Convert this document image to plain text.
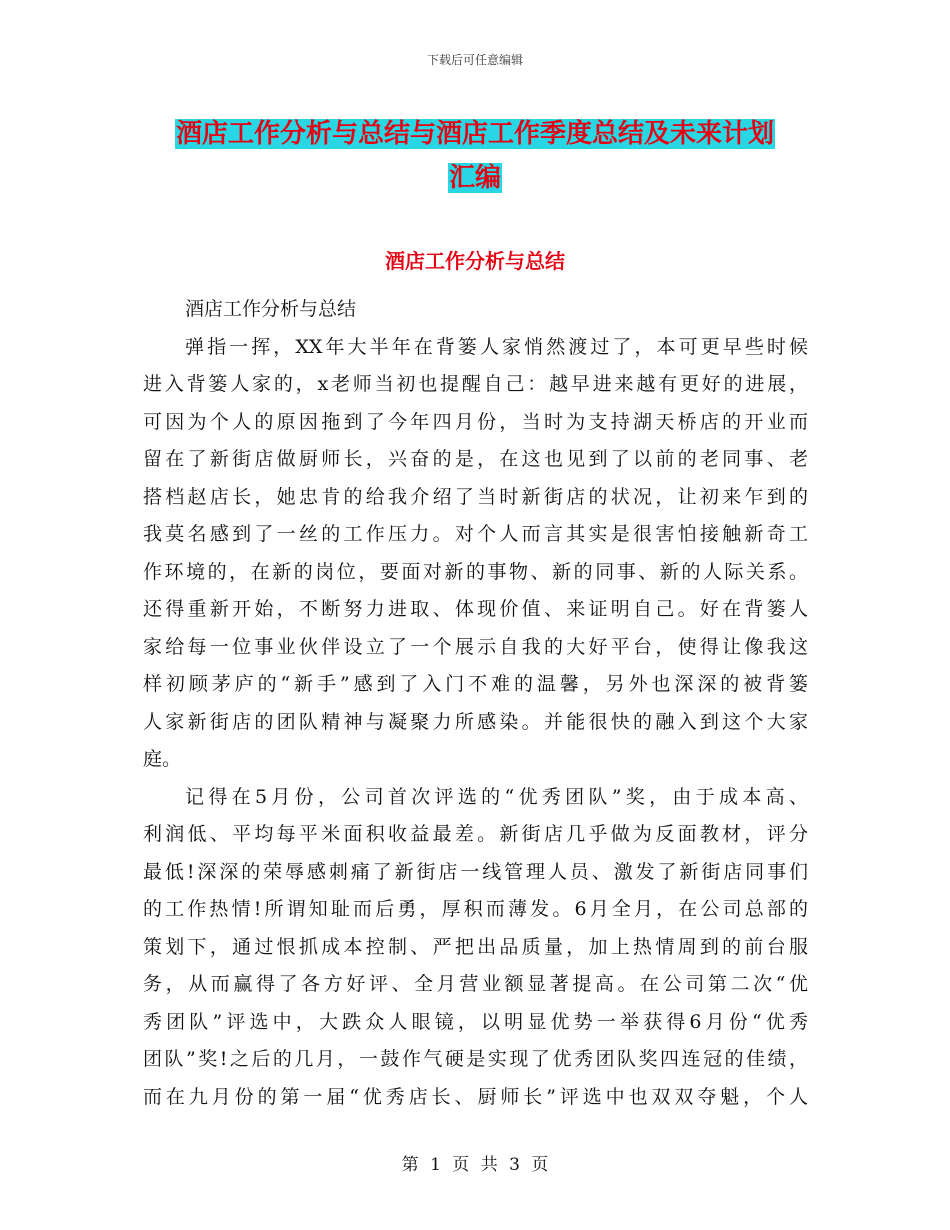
下载后可任意编辑
酒店工作分析与总结与酒店工作季度总结及未来计划
汇编
酒店工作分析与总结
酒店工作分析与总结
弹指一挥，XX年大半年在背篓人家悄然渡过了，本可更早些时候
进入背篓人家的，x老师当初也提醒自己：越早进来越有更好的进展，
可因为个人的原因拖到了今年四月份，当时为支持湖天桥店的开业而
留在了新街店做厨师长，兴奋的是，在这也见到了以前的老同事、老
搭档赵店长，她忠肯的给我介绍了当时新街店的状况，让初来乍到的
我莫名感到了一丝的工作压力。对个人而言其实是很害怕接触新奇工
作环境的，在新的岗位，要面对新的事物、新的同事、新的人际关系。
还得重新开始，不断努力进取、体现价值、来证明自己。好在背篓人
家给每一位事业伙伴设立了一个展示自我的大好平台，使得让像我这
样初顾茅庐的“新手”感到了入门不难的温馨，另外也深深的被背篓
人家新街店的团队精神与凝聚力所感染。并能很快的融入到这个大家
庭。
记得在5月份，公司首次评选的“优秀团队”奖，由于成本高、
利润低、平均每平米面积收益最差。新街店几乎做为反面教材，评分
最低!深深的荣辱感刺痛了新街店一线管理人员、激发了新街店同事们
的工作热情!所谓知耻而后勇，厚积而薄发。6月全月，在公司总部的
策划下，通过恨抓成本控制、严把出品质量，加上热情周到的前台服
务，从而赢得了各方好评、全月营业额显著提高。在公司第二次“优
秀团队”评选中，大跌众人眼镜，以明显优势一举获得6月份“优秀
团队”奖!之后的几月，一鼓作气硬是实现了优秀团队奖四连冠的佳绩，
而在九月份的第一届“优秀店长、厨师长”评选中也双双夺魁，个人
第 1 页 共 3 页
